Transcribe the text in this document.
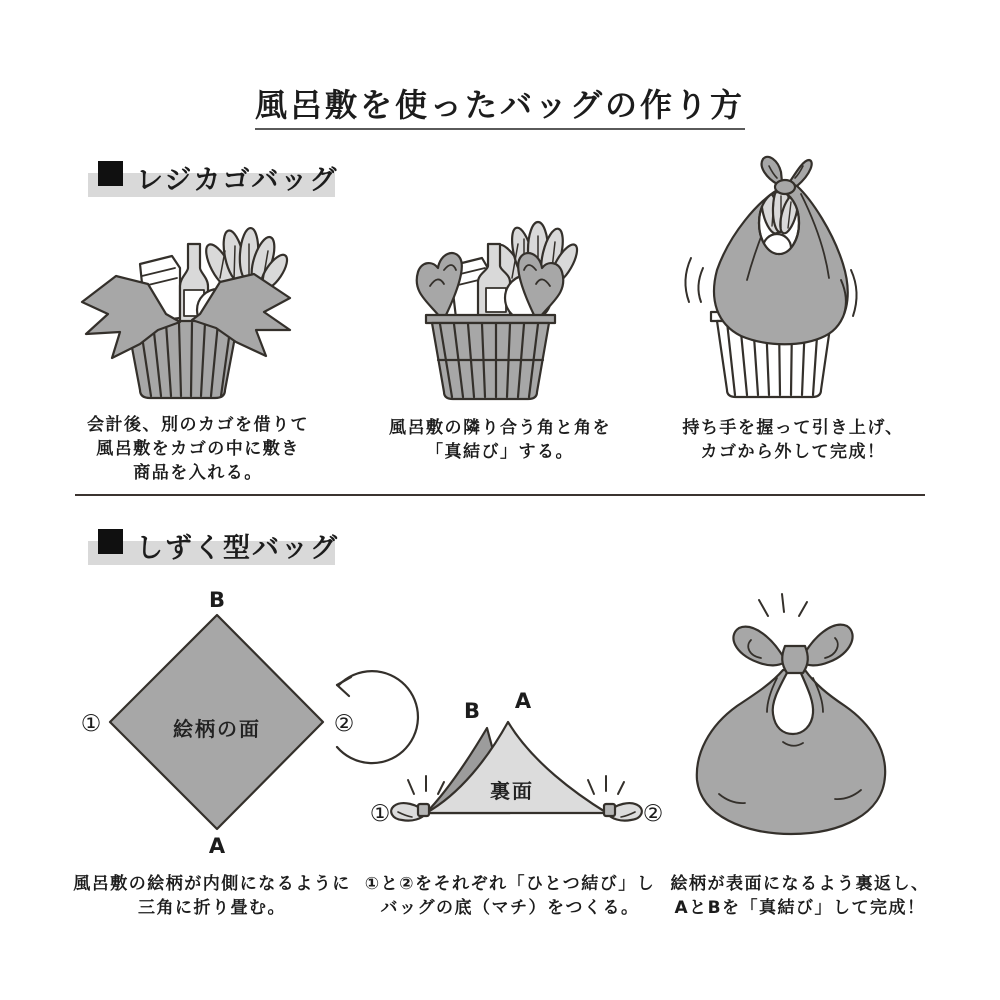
風呂敷を使ったバッグの作り方
レジカゴバッグ
会計後、別のカゴを借りて
風呂敷をカゴの中に敷き
商品を入れる。
風呂敷の隣り合う角と角を
「真結び」する。
持ち手を握って引き上げ、
カゴから外して完成！
しずく型バッグ
B
A
①	②
絵柄の面
B A
裏面
①	②
風呂敷の絵柄が内側になるように
三角に折り畳む。
①と②をそれぞれ「ひとつ結び」し
バッグの底（マチ）をつくる。
絵柄が表面になるよう裏返し、
AとBを「真結び」して完成！
